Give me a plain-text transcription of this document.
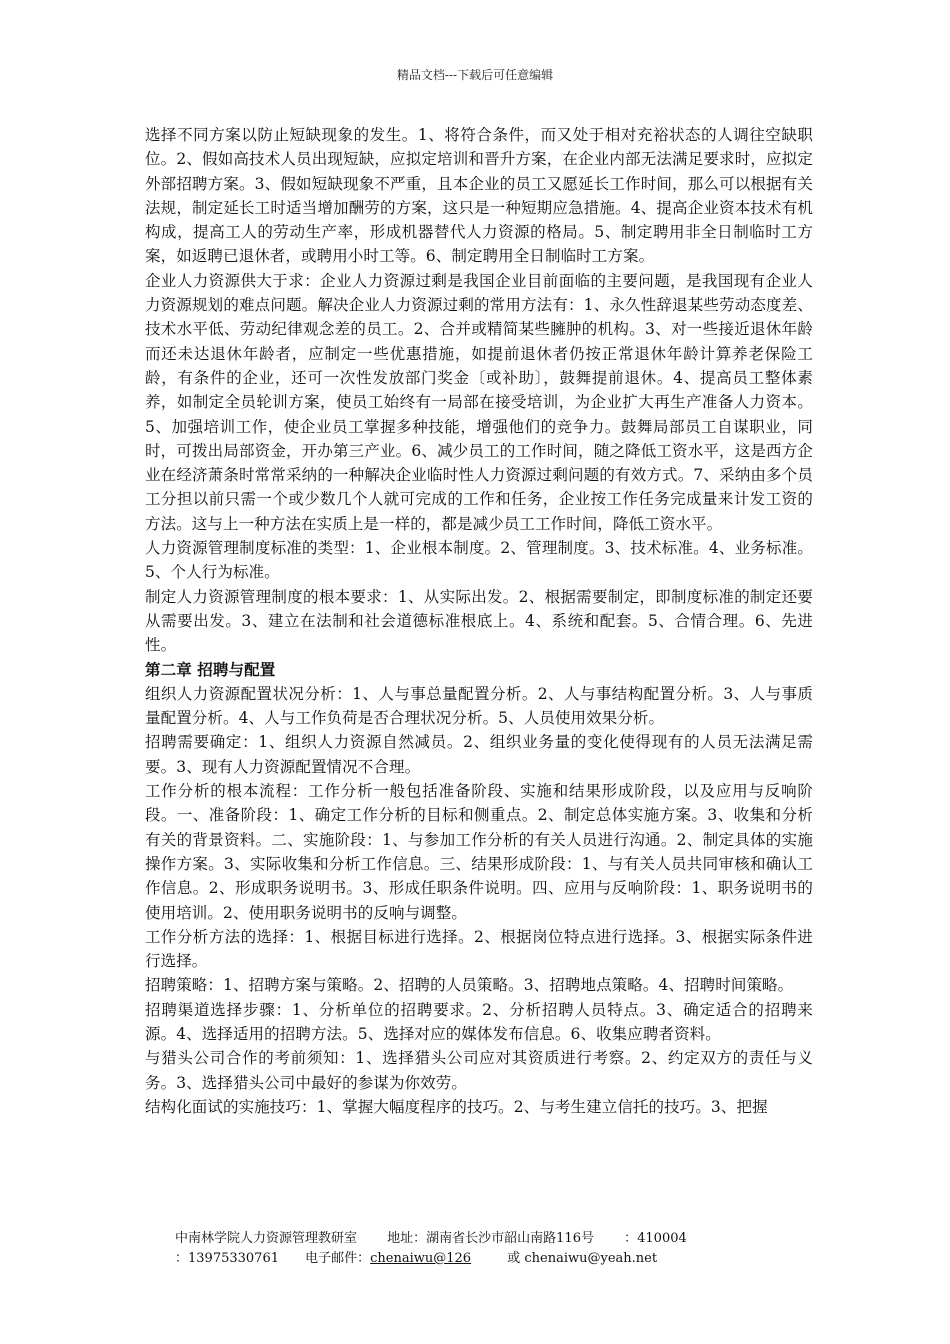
精品文档---下载后可任意编辑

选择不同方案以防止短缺现象的发生。1、将符合条件，而又处于相对充裕状态的人调往空缺职位。2、假如高技术人员出现短缺，应拟定培训和晋升方案，在企业内部无法满足要求时，应拟定外部招聘方案。3、假如短缺现象不严重，且本企业的员工又愿延长工作时间，那么可以根据有关法规，制定延长工时适当增加酬劳的方案，这只是一种短期应急措施。4、提高企业资本技术有机构成，提高工人的劳动生产率，形成机器替代人力资源的格局。5、制定聘用非全日制临时工方案，如返聘已退休者，或聘用小时工等。6、制定聘用全日制临时工方案。

企业人力资源供大于求：企业人力资源过剩是我国企业目前面临的主要问题，是我国现有企业人力资源规划的难点问题。解决企业人力资源过剩的常用方法有：1、永久性辞退某些劳动态度差、技术水平低、劳动纪律观念差的员工。2、合并或精简某些臃肿的机构。3、对一些接近退休年龄而还未达退休年龄者，应制定一些优惠措施，如提前退休者仍按正常退休年龄计算养老保险工龄，有条件的企业，还可一次性发放部门奖金〔或补助〕，鼓舞提前退休。4、提高员工整体素养，如制定全员轮训方案，使员工始终有一局部在接受培训，为企业扩大再生产准备人力资本。5、加强培训工作，使企业员工掌握多种技能，增强他们的竞争力。鼓舞局部员工自谋职业，同时，可拨出局部资金，开办第三产业。6、减少员工的工作时间，随之降低工资水平，这是西方企业在经济萧条时常常采纳的一种解决企业临时性人力资源过剩问题的有效方式。7、采纳由多个员工分担以前只需一个或少数几个人就可完成的工作和任务，企业按工作任务完成量来计发工资的方法。这与上一种方法在实质上是一样的，都是减少员工工作时间，降低工资水平。

人力资源管理制度标准的类型：1、企业根本制度。2、管理制度。3、技术标准。4、业务标准。5、个人行为标准。

制定人力资源管理制度的根本要求：1、从实际出发。2、根据需要制定，即制度标准的制定还要从需要出发。3、建立在法制和社会道德标准根底上。4、系统和配套。5、合情合理。6、先进性。

第二章 招聘与配置

组织人力资源配置状况分析：1、人与事总量配置分析。2、人与事结构配置分析。3、人与事质量配置分析。4、人与工作负荷是否合理状况分析。5、人员使用效果分析。

招聘需要确定：1、组织人力资源自然减员。2、组织业务量的变化使得现有的人员无法满足需要。3、现有人力资源配置情况不合理。

工作分析的根本流程：工作分析一般包括准备阶段、实施和结果形成阶段，以及应用与反响阶段。一、准备阶段：1、确定工作分析的目标和侧重点。2、制定总体实施方案。3、收集和分析有关的背景资料。二、实施阶段：1、与参加工作分析的有关人员进行沟通。2、制定具体的实施操作方案。3、实际收集和分析工作信息。三、结果形成阶段：1、与有关人员共同审核和确认工作信息。2、形成职务说明书。3、形成任职条件说明。四、应用与反响阶段：1、职务说明书的使用培训。2、使用职务说明书的反响与调整。

工作分析方法的选择：1、根据目标进行选择。2、根据岗位特点进行选择。3、根据实际条件进行选择。

招聘策略：1、招聘方案与策略。2、招聘的人员策略。3、招聘地点策略。4、招聘时间策略。

招聘渠道选择步骤：1、分析单位的招聘要求。2、分析招聘人员特点。3、确定适合的招聘来源。4、选择适用的招聘方法。5、选择对应的媒体发布信息。6、收集应聘者资料。

与猎头公司合作的考前须知：1、选择猎头公司应对其资质进行考察。2、约定双方的责任与义务。3、选择猎头公司中最好的参谋为你效劳。

结构化面试的实施技巧：1、掌握大幅度程序的技巧。2、与考生建立信托的技巧。3、把握

中南林学院人力资源管理教研室 地址：湖南省长沙市韶山南路116号 ：410004
：13975330761 电子邮件：chenaiwu@126	或 chenaiwu@yeah.net
